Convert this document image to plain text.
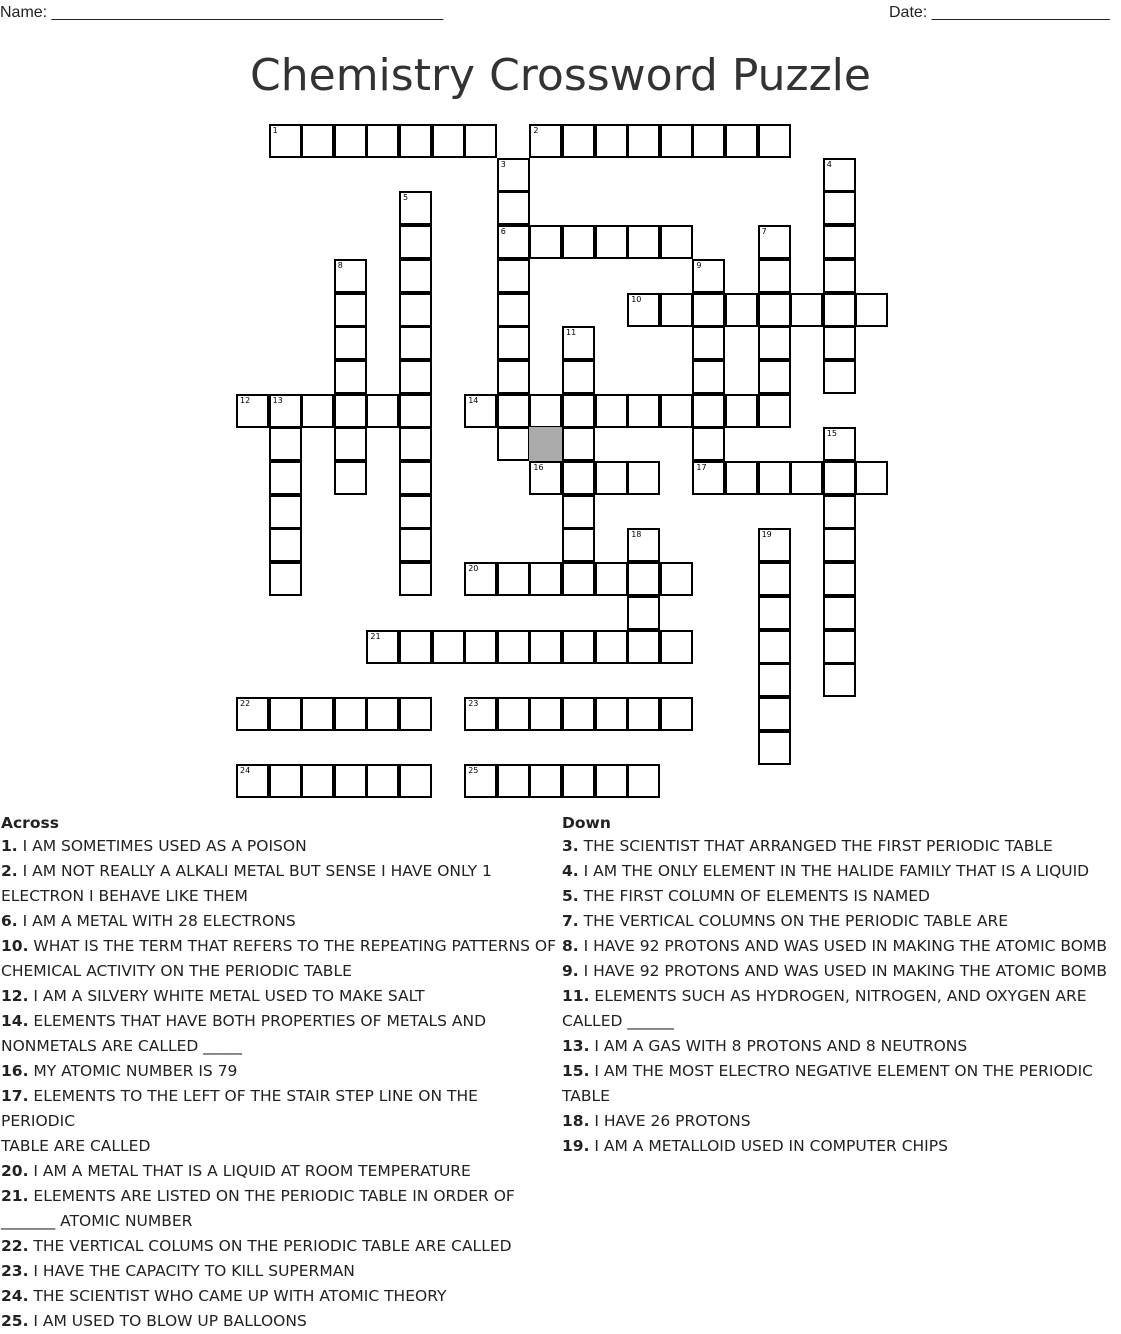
Name: ____________________________________________	Date: ____________________
Chemistry Crossword Puzzle
1	2
6
10
12	13	14
16	17
20
21
22	23
24	25
3	4
5
7
8	9
11
15
18	19
Across
1. I AM SOMETIMES USED AS A POISON
2. I AM NOT REALLY A ALKALI METAL BUT SENSE I HAVE ONLY 1
ELECTRON I BEHAVE LIKE THEM
6. I AM A METAL WITH 28 ELECTRONS
10. WHAT IS THE TERM THAT REFERS TO THE REPEATING PATTERNS OF
CHEMICAL ACTIVITY ON THE PERIODIC TABLE
12. I AM A SILVERY WHITE METAL USED TO MAKE SALT
14. ELEMENTS THAT HAVE BOTH PROPERTIES OF METALS AND
NONMETALS ARE CALLED _____
16. MY ATOMIC NUMBER IS 79
17. ELEMENTS TO THE LEFT OF THE STAIR STEP LINE ON THE PERIODIC
TABLE ARE CALLED
20. I AM A METAL THAT IS A LIQUID AT ROOM TEMPERATURE
21. ELEMENTS ARE LISTED ON THE PERIODIC TABLE IN ORDER OF
_______ ATOMIC NUMBER
22. THE VERTICAL COLUMS ON THE PERIODIC TABLE ARE CALLED
23. I HAVE THE CAPACITY TO KILL SUPERMAN
24. THE SCIENTIST WHO CAME UP WITH ATOMIC THEORY
25. I AM USED TO BLOW UP BALLOONS
Down
3. THE SCIENTIST THAT ARRANGED THE FIRST PERIODIC TABLE
4. I AM THE ONLY ELEMENT IN THE HALIDE FAMILY THAT IS A LIQUID
5. THE FIRST COLUMN OF ELEMENTS IS NAMED
7. THE VERTICAL COLUMNS ON THE PERIODIC TABLE ARE
8. I HAVE 92 PROTONS AND WAS USED IN MAKING THE ATOMIC BOMB
9. I HAVE 92 PROTONS AND WAS USED IN MAKING THE ATOMIC BOMB
11. ELEMENTS SUCH AS HYDROGEN, NITROGEN, AND OXYGEN ARE
CALLED ______
13. I AM A GAS WITH 8 PROTONS AND 8 NEUTRONS
15. I AM THE MOST ELECTRO NEGATIVE ELEMENT ON THE PERIODIC
TABLE
18. I HAVE 26 PROTONS
19. I AM A METALLOID USED IN COMPUTER CHIPS
